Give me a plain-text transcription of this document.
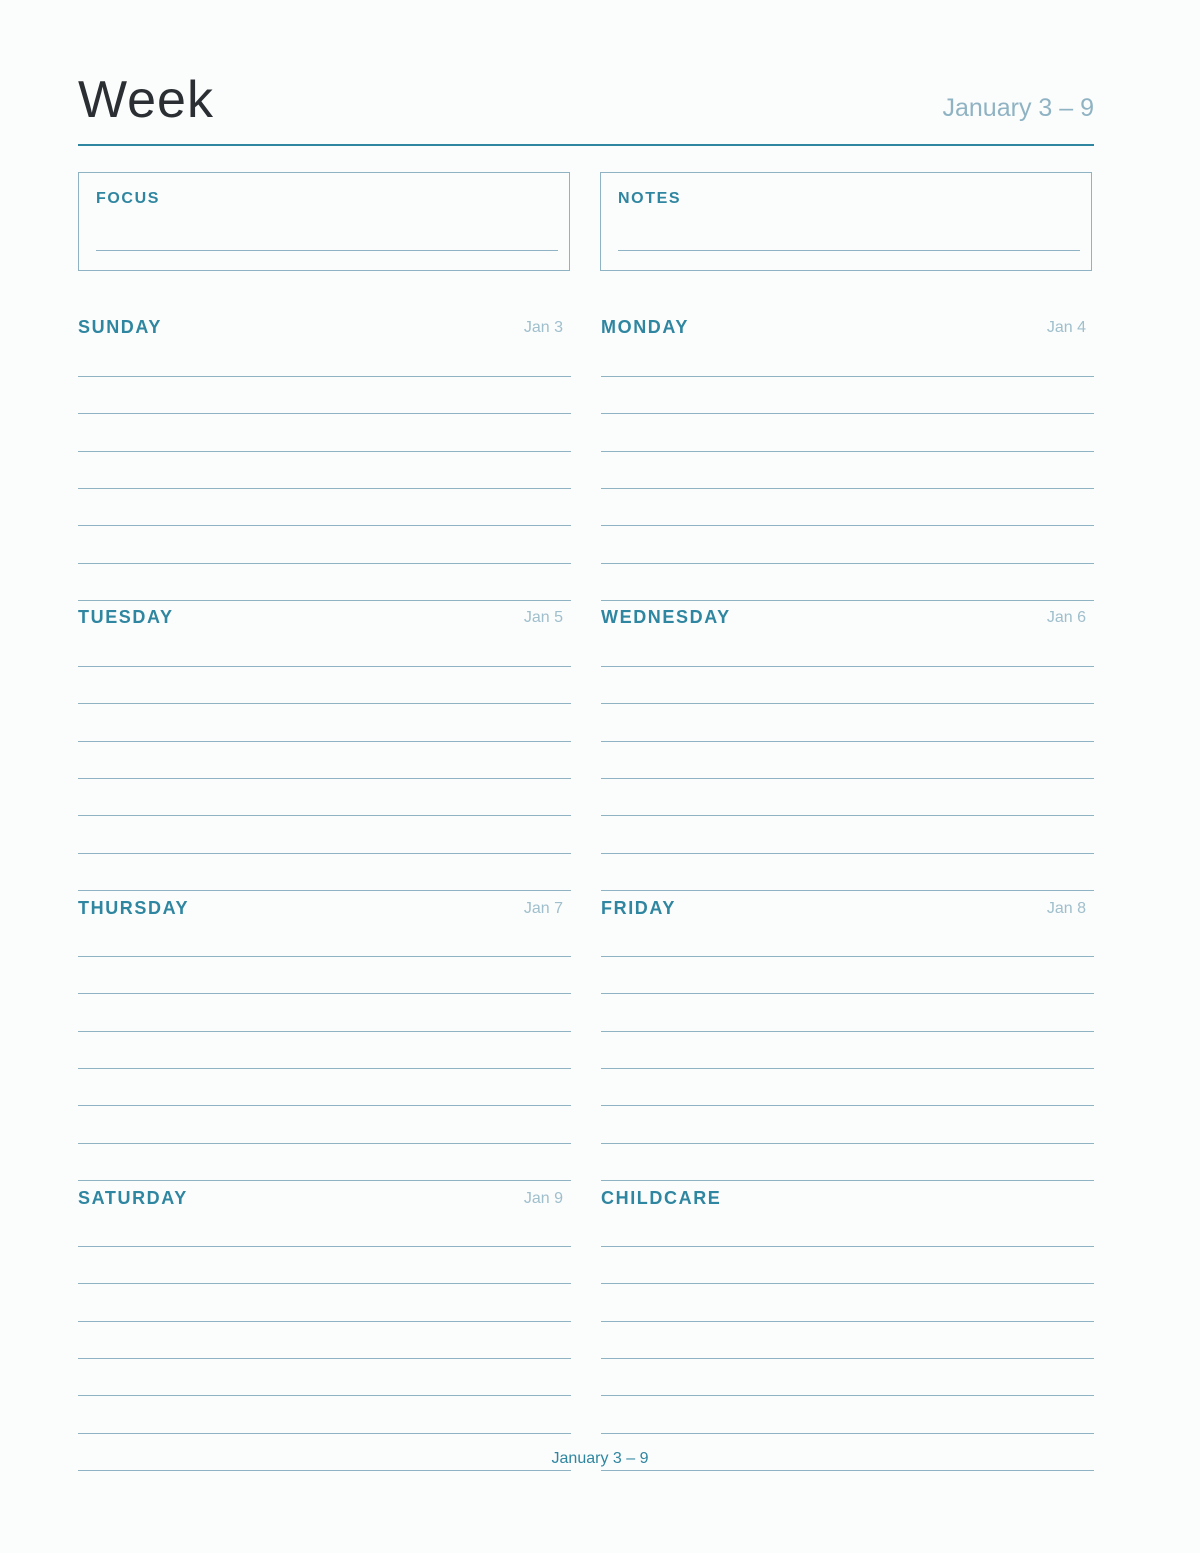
Week	January 3 – 9
FOCUS	NOTES
SUNDAY	Jan 3 MONDAY	Jan 4
TUESDAY	Jan 5 WEDNESDAY	Jan 6
THURSDAY	Jan 7 FRIDAY	Jan 8
SATURDAY	Jan 9 CHILDCARE
January 3 – 9
